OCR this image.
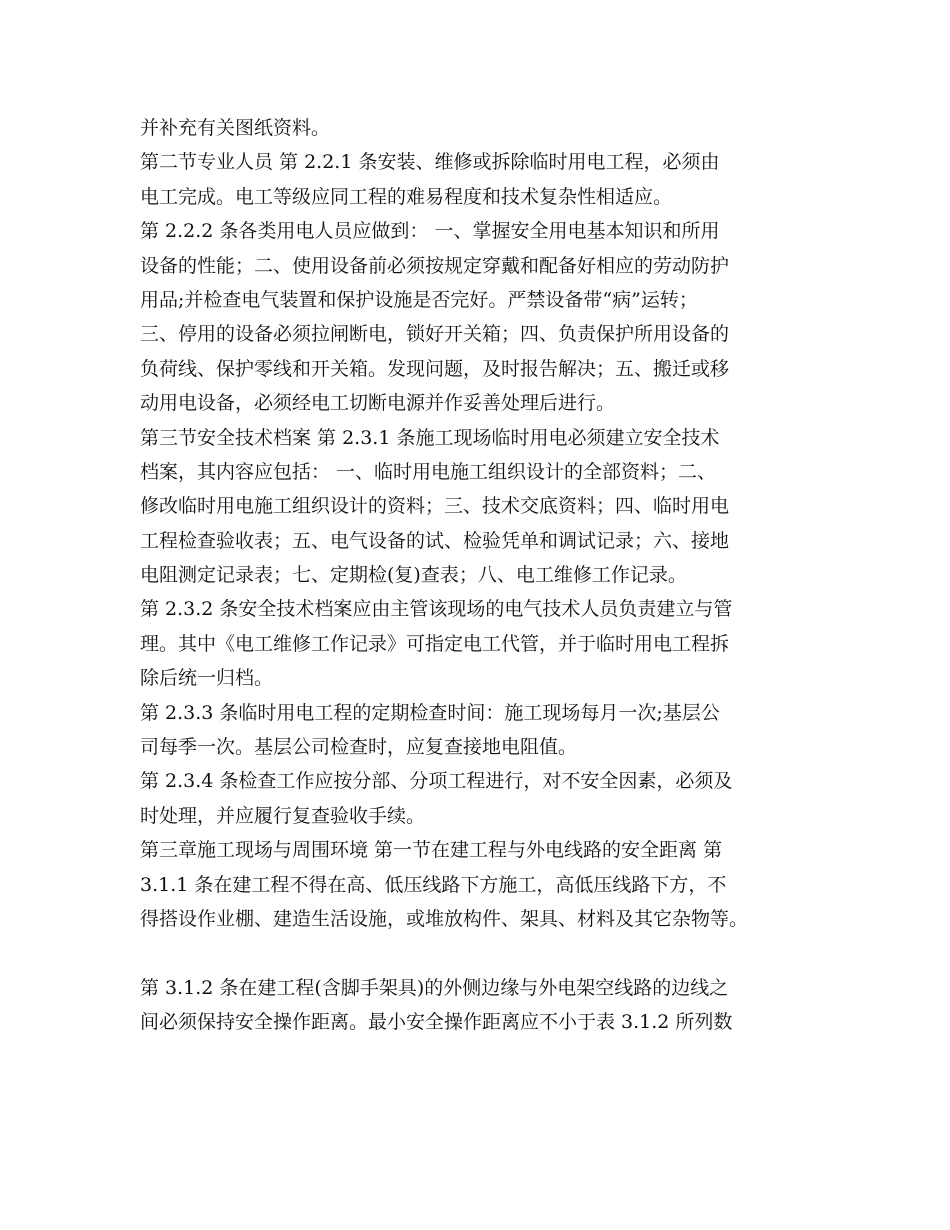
并补充有关图纸资料。
第二节专业人员 第 2.2.1 条安装、维修或拆除临时用电工程，必须由
电工完成。电工等级应同工程的难易程度和技术复杂性相适应。
第 2.2.2 条各类用电人员应做到： 一、掌握安全用电基本知识和所用
设备的性能；二、使用设备前必须按规定穿戴和配备好相应的劳动防护
用品;并检查电气装置和保护设施是否完好。严禁设备带“病”运转；
三、停用的设备必须拉闸断电，锁好开关箱；四、负责保护所用设备的
负荷线、保护零线和开关箱。发现问题，及时报告解决；五、搬迁或移
动用电设备，必须经电工切断电源并作妥善处理后进行。
第三节安全技术档案 第 2.3.1 条施工现场临时用电必须建立安全技术
档案，其内容应包括： 一、临时用电施工组织设计的全部资料；二、
修改临时用电施工组织设计的资料；三、技术交底资料；四、临时用电
工程检查验收表；五、电气设备的试、检验凭单和调试记录；六、接地
电阻测定记录表；七、定期检(复)查表；八、电工维修工作记录。
第 2.3.2 条安全技术档案应由主管该现场的电气技术人员负责建立与管
理。其中《电工维修工作记录》可指定电工代管，并于临时用电工程拆
除后统一归档。
第 2.3.3 条临时用电工程的定期检查时间：施工现场每月一次;基层公
司每季一次。基层公司检查时，应复查接地电阻值。
第 2.3.4 条检查工作应按分部、分项工程进行，对不安全因素，必须及
时处理，并应履行复查验收手续。
第三章施工现场与周围环境 第一节在建工程与外电线路的安全距离 第
3.1.1 条在建工程不得在高、低压线路下方施工，高低压线路下方，不
得搭设作业棚、建造生活设施，或堆放构件、架具、材料及其它杂物等。
第 3.1.2 条在建工程(含脚手架具)的外侧边缘与外电架空线路的边线之
间必须保持安全操作距离。最小安全操作距离应不小于表 3.1.2 所列数
